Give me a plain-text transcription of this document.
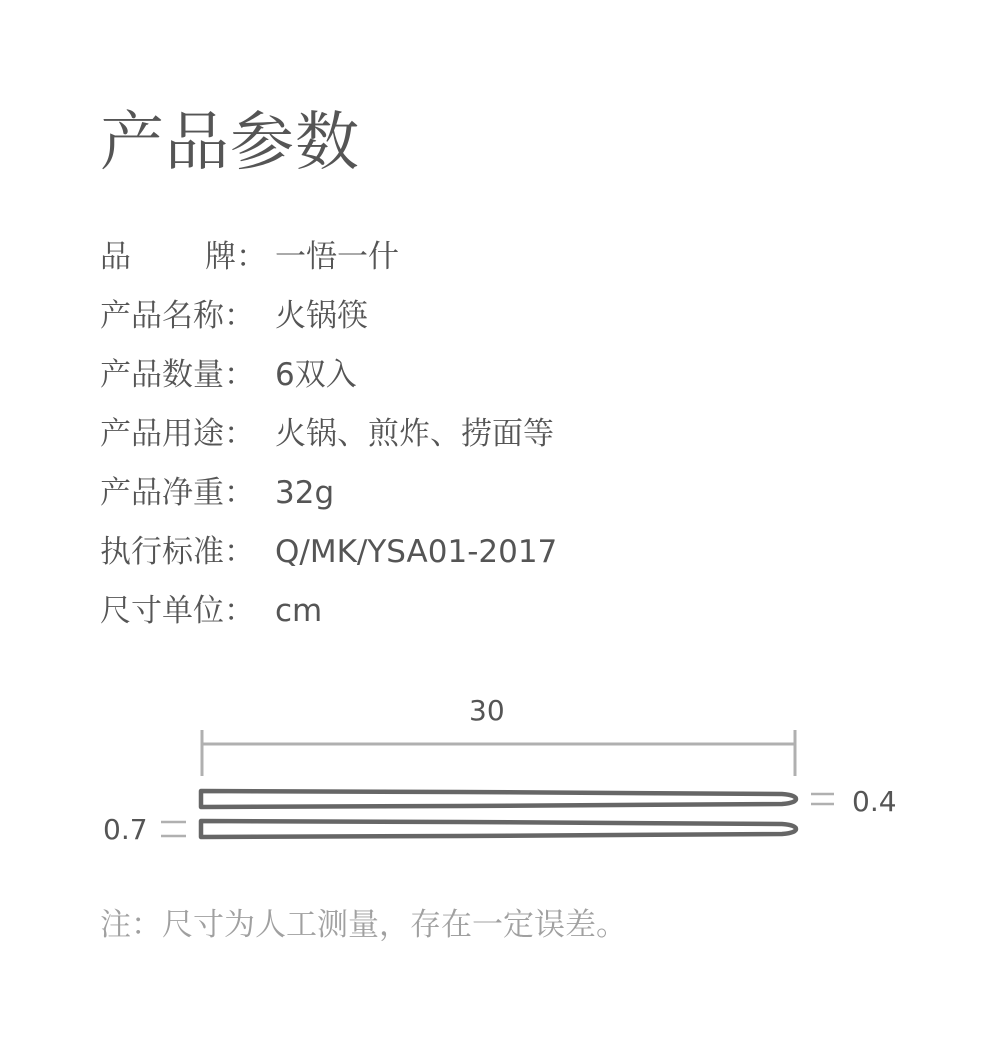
产品参数
品 牌： 一悟一什
产品名称： 火锅筷
产品数量： 6双入
产品用途： 火锅、煎炸、捞面等
产品净重： 32g
执行标准： Q/MK/YSA01-2017
尺寸单位： cm
30
0.4
0.7
注：尺寸为人工测量，存在一定误差。
